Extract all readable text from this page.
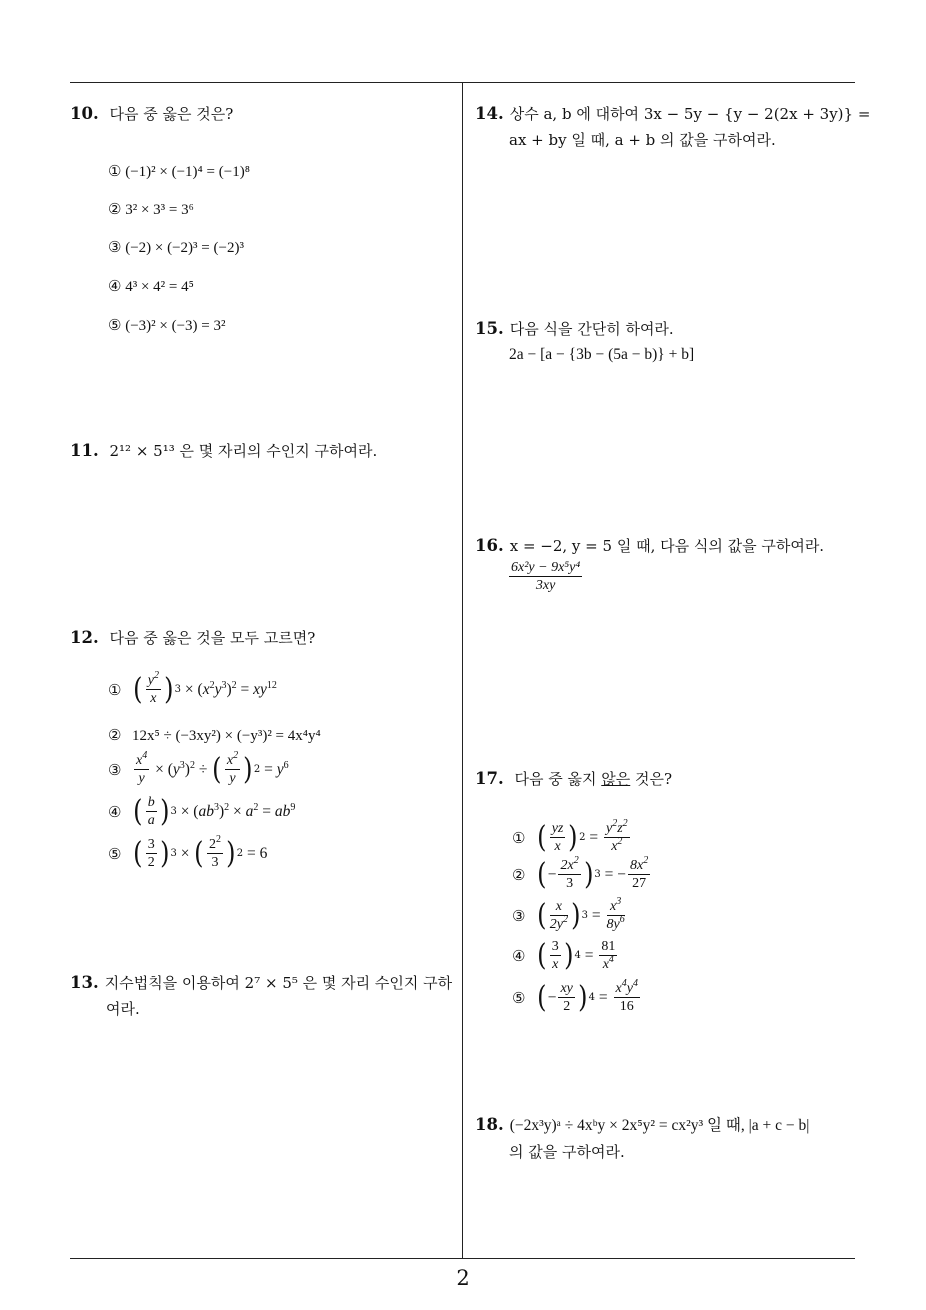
2
10. 다음 중 옳은 것은?
① (−1)² × (−1)⁴ = (−1)⁸
② 3² × 3³ = 3⁶
③ (−2) × (−2)³ = (−2)³
④ 4³ × 4² = 4⁵
⑤ (−3)² × (−3) = 3²
11. 2¹² × 5¹³ 은 몇 자리의 수인지 구하여라.
12. 다음 중 옳은 것을 모두 고르면?
① ( $\frac{y^2}{x}$ ) $3 \times (x^2y^3)^2 = xy^{12}$
② 12x⁵ ÷ (−3xy²) × (−y³)² = 4x⁴y⁴
③ $\frac{x^4}{y} \times (y^3)^2$ ÷ ( $\frac{x^2}{y}$ ) $2 = y^6$
④ ( $\frac{b}{a}$ ) $3 \times (ab^3)^2 \times a^2 = ab^9$
⑤ ( $\frac{3}{2}$ ) 3 × ( $\frac{2^2}{3}$ ) 2 = 6
13. 지수법칙을 이용하여 2⁷ × 5⁵ 은 몇 자리 수인지 구하
여라.
14. 상수 a, b 에 대하여 3x − 5y − {y − 2(2x + 3y)} =
ax + by 일 때, a + b 의 값을 구하여라.
15. 다음 식을 간단히 하여라.
2a − [a − {3b − (5a − b)} + b]
16. x = −2, y = 5 일 때, 다음 식의 값을 구하여라.
$\frac{\text{6x²y − 9x⁵y⁴}}{3xy}$
17. 다음 중 옳지 않은 것은?
① ( $\frac{yz}{x}$ ) $2 = \frac{y^2z^2}{x^2}$
② ( − $\frac{2x^2}{3}$ ) 3 = − $\frac{8x^2}{27}$
③ ( $\frac{x}{2y^2}$ ) $3 = \frac{x^3}{8y^6}$
④ ( $\frac{3}{x}$ ) $4 = \frac{81}{x^4}$
⑤ ( − $\frac{xy}{2}$ ) $4 = \frac{x^4y^4}{16}$
18. (−2x³y)ᵃ ÷ 4xᵇy × 2x⁵y² = cx²y³ 일 때, |a + c − b|
의 값을 구하여라.
